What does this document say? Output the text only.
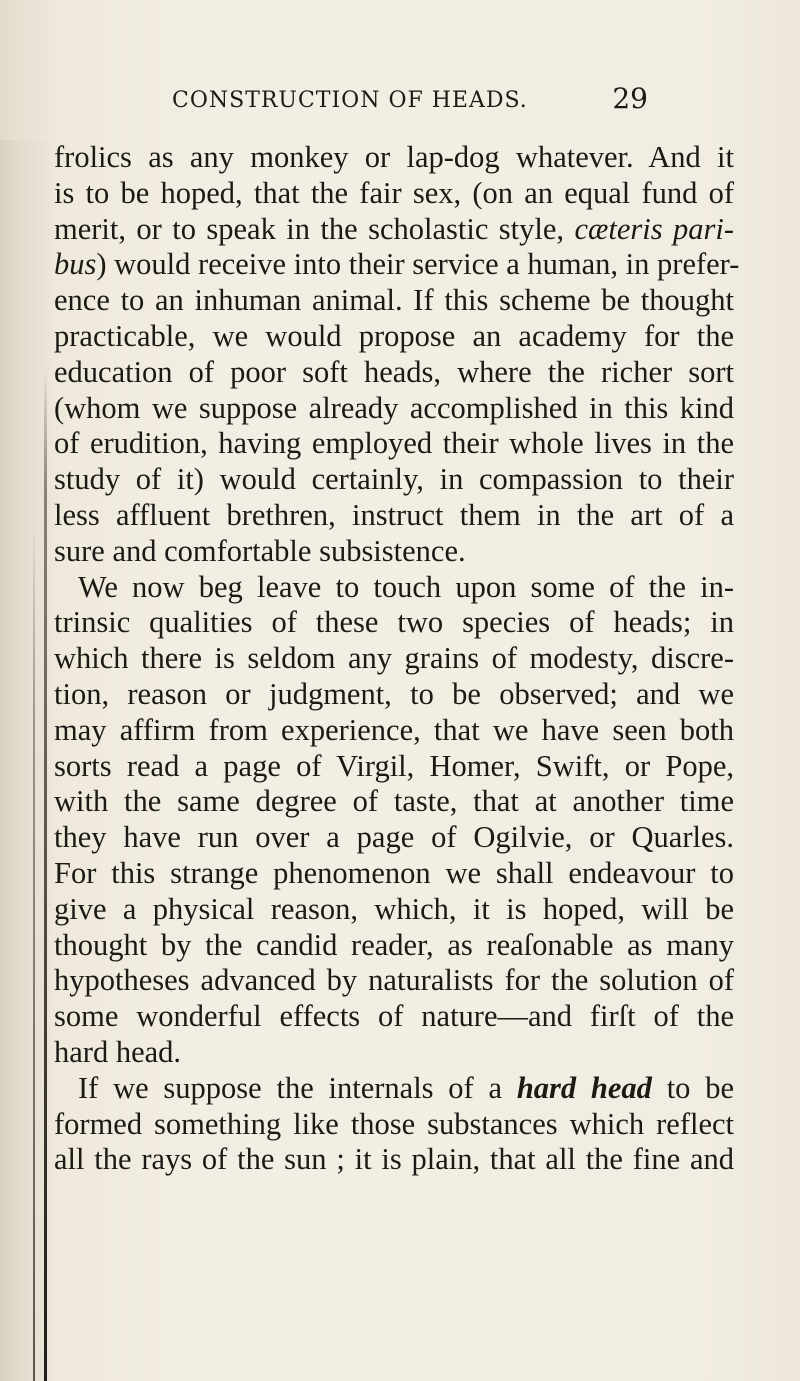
CONSTRUCTION OF HEADS.	29
frolics as any monkey or lap-dog whatever. And it
is to be hoped, that the fair sex, (on an equal fund of
merit, or to speak in the scholastic style, cæteris pari-
bus) would receive into their service a human, in prefer-
ence to an inhuman animal. If this scheme be thought
practicable, we would propose an academy for the
education of poor soft heads, where the richer sort
(whom we suppose already accomplished in this kind
of erudition, having employed their whole lives in the
study of it) would certainly, in compassion to their
less affluent brethren, instruct them in the art of a
sure and comfortable subsistence.
We now beg leave to touch upon some of the in-
trinsic qualities of these two species of heads; in
which there is seldom any grains of modesty, discre-
tion, reason or judgment, to be observed; and we
may affirm from experience, that we have seen both
sorts read a page of Virgil, Homer, Swift, or Pope,
with the same degree of taste, that at another time
they have run over a page of Ogilvie, or Quarles.
For this strange phenomenon we shall endeavour to
give a physical reason, which, it is hoped, will be
thought by the candid reader, as reaſonable as many
hypotheses advanced by naturalists for the solution of
some wonderful effects of nature—and firſt of the
hard head.
If we suppose the internals of a hard head to be
formed something like those substances which reflect
all the rays of the sun ; it is plain, that all the fine and
